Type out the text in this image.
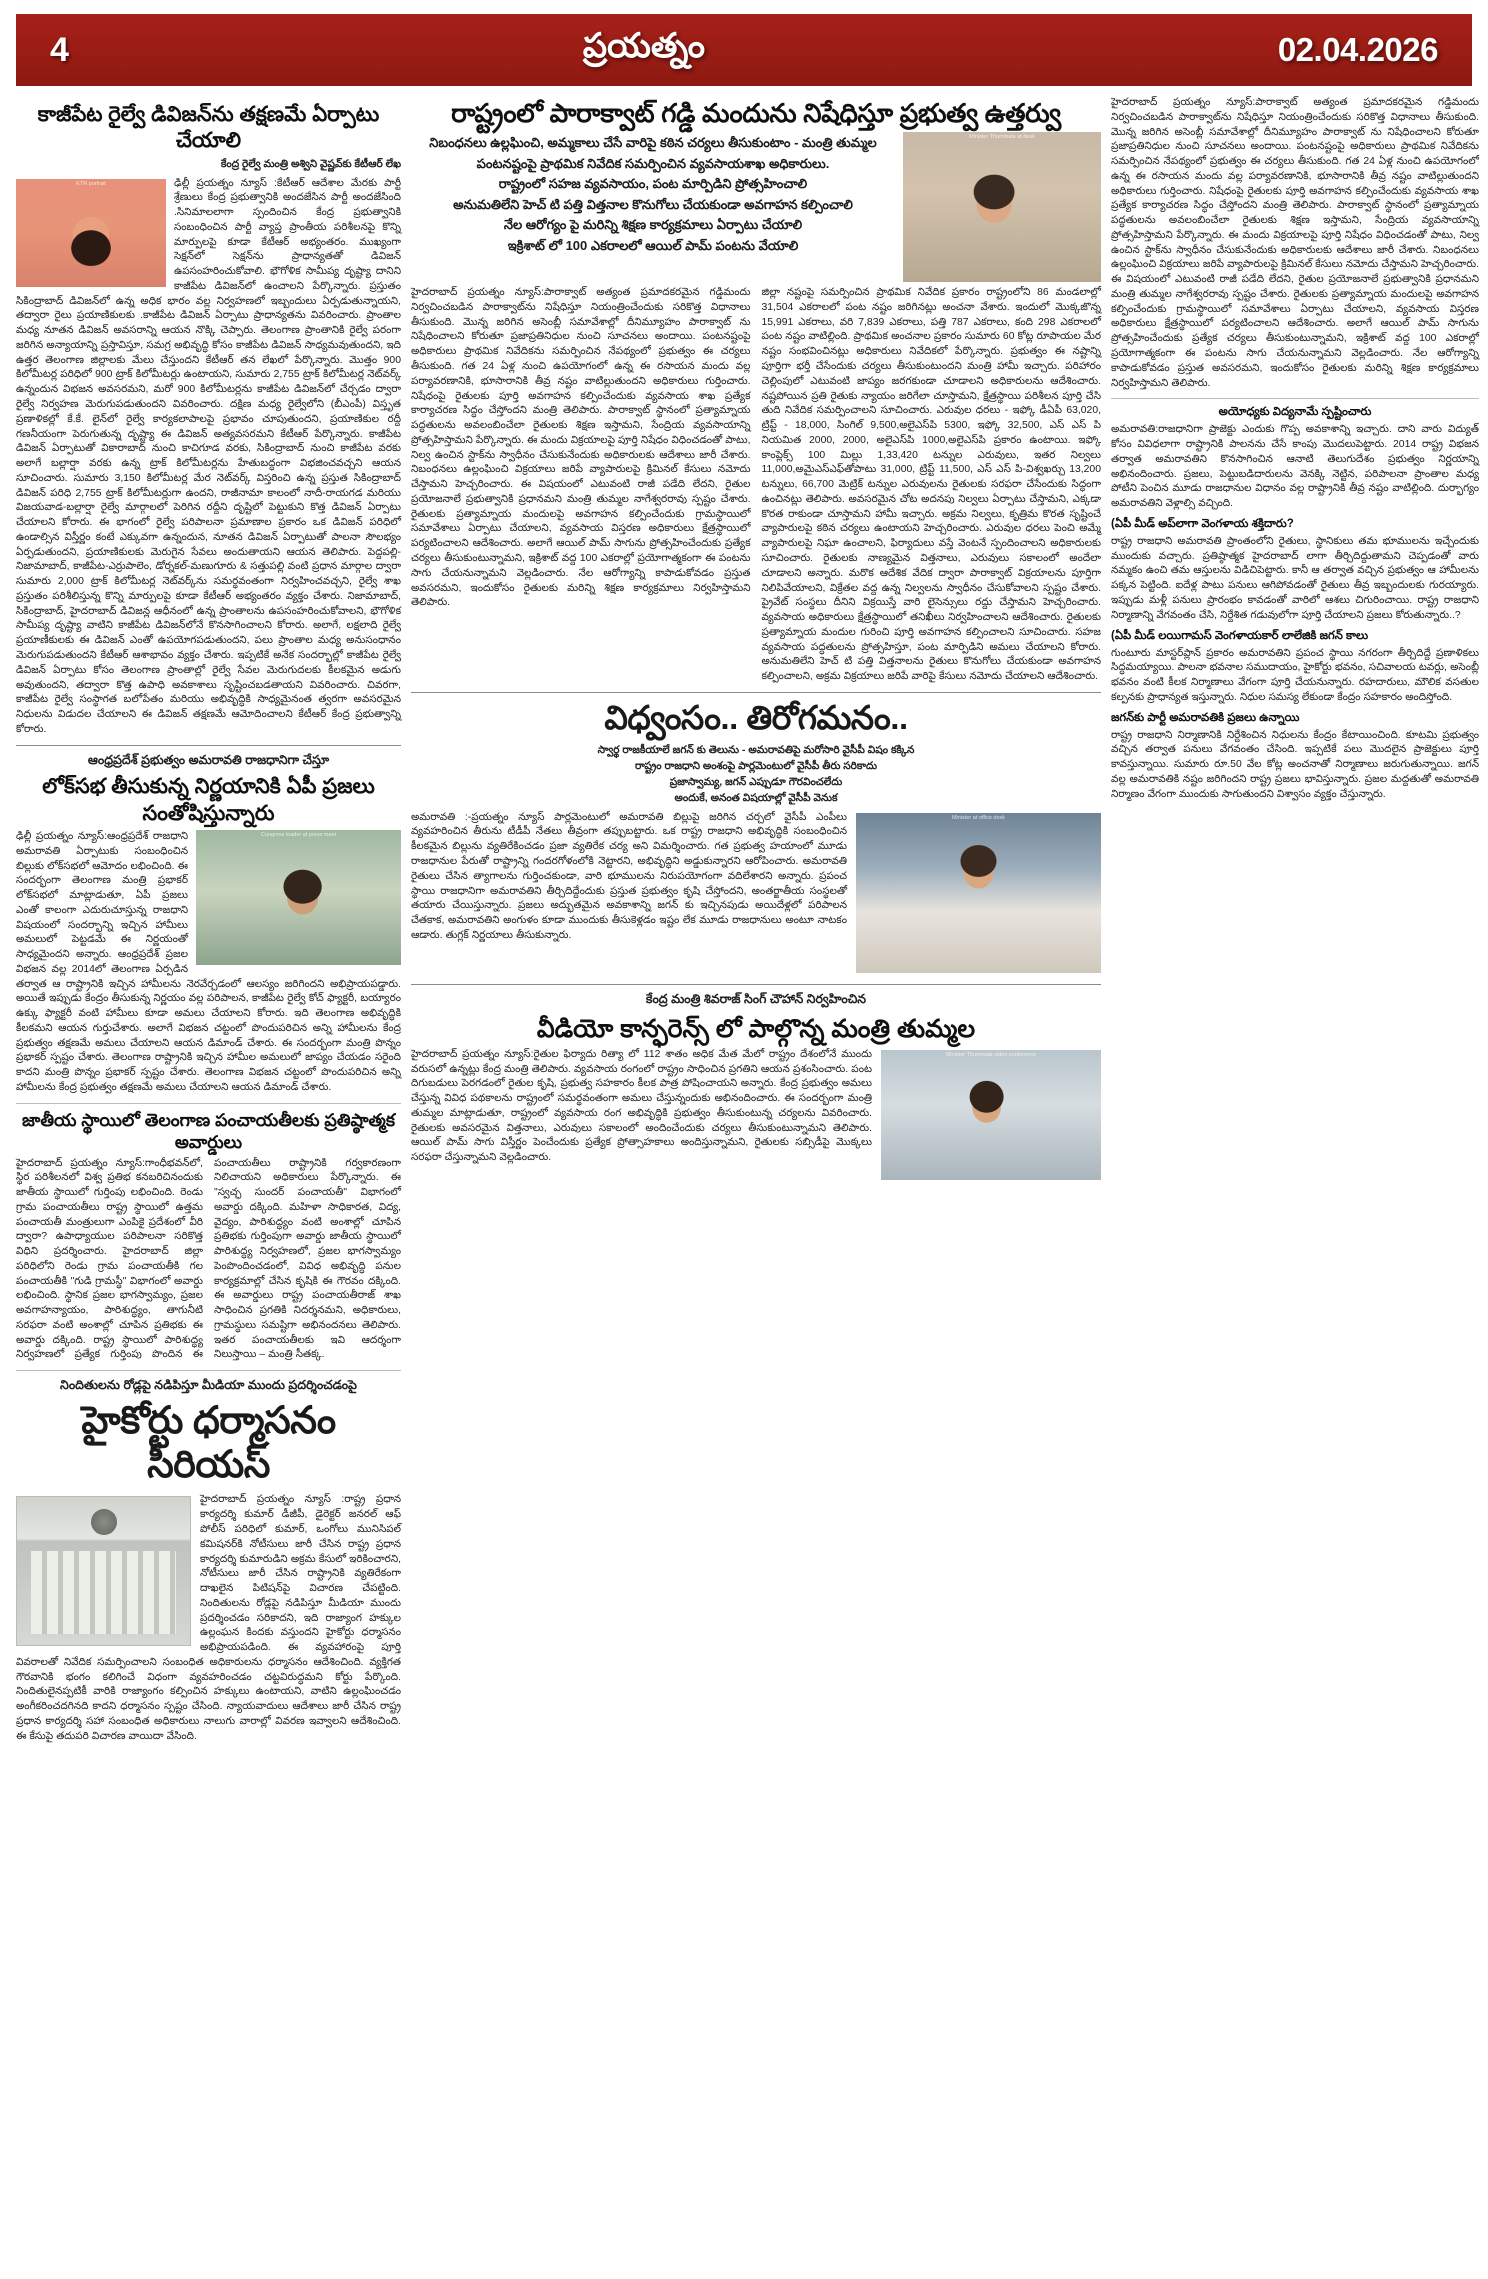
4	ప్రయత్నం	02.04.2026
కాజీపేట రైల్వే డివిజన్‌ను తక్షణమే ఏర్పాటు చేయాలి
కేంద్ర రైల్వే మంత్రి అశ్విని వైష్ణవ్‌కు కేటీఆర్ లేఖ
KTR portrait	ఢిల్లీ ప్రయత్నం న్యూస్ :కేటీఆర్ ఆదేశాల మేరకు పార్టీ శ్రేణులు కేంద్ర ప్రభుత్వానికి అందజేసిన పార్టీ అందజేసింది .సినిమాలలాగా స్పందించిన కేంద్ర ప్రభుత్వానికి సంబంధించిన పార్టీ వ్యాప్త ప్రాంతీయ పరిశీలనపై కొన్ని మార్పులపై కూడా కేటీఆర్ అభ్యంతరం. ముఖ్యంగా సెక్షన్‌లో సెక్షన్‌ను ప్రాధాన్యతతో డివిజన్ ఉపసంహరించుకోవాలి. భౌగోళిక సామీప్య దృష్ట్యా దానిని కాజీపేట డివిజన్‌లో ఉంచాలని పేర్కొన్నారు. ప్రస్తుతం సికింద్రాబాద్ డివిజన్‌లో ఉన్న అధిక భారం వల్ల నిర్వహణలో ఇబ్బందులు ఏర్పడుతున్నాయని, తద్వారా రైలు ప్రయాణికులకు .కాజీపేట డివిజన్ ఏర్పాటు ప్రాధాన్యతను వివరించారు. ప్రాంతాల మధ్య నూతన డివిజన్ అవసరాన్ని ఆయన నొక్కి చెప్పారు. తెలంగాణ ప్రాంతానికి రైల్వే పరంగా జరిగిన అన్యాయాన్ని ప్రస్తావిస్తూ, సమగ్ర అభివృద్ధి కోసం కాజీపేట డివిజన్ సాధ్యమవుతుందని, ఇది ఉత్తర తెలంగాణ జిల్లాలకు మేలు చేస్తుందని కేటీఆర్ తన లేఖలో పేర్కొన్నారు. మొత్తం 900 కిలోమీటర్ల పరిధిలో 900 ట్రాక్ కిలోమీటర్లు ఉంటాయని, సుమారు 2,755 ట్రాక్ కిలోమీటర్ల నెట్‌వర్క్ ఉన్నందున విభజన అవసరమని, మరో 900 కిలోమీటర్లను కాజీపేట డివిజన్‌లో చేర్చడం ద్వారా రైల్వే నిర్వహణ మెరుగుపడుతుందని వివరించారు. దక్షిణ మధ్య రైల్వేలోని (బీఎంపీ) విస్తృత ప్రణాళికల్లో కే.కే. లైన్‌లో రైల్వే కార్యకలాపాలపై ప్రభావం చూపుతుందని, ప్రయాణికుల రద్దీ గణనీయంగా పెరుగుతున్న దృష్ట్యా ఈ డివిజన్ అత్యవసరమని కేటీఆర్ పేర్కొన్నారు. కాజీపేట డివిజన్ ఏర్పాటుతో వికారాబాద్ నుంచి కాచిగూడ వరకు, సికింద్రాబాద్ నుంచి కాజీపేట వరకు అలాగే బల్లార్షా వరకు ఉన్న ట్రాక్ కిలోమీటర్లను హేతుబద్ధంగా విభజించవచ్చని ఆయన సూచించారు. సుమారు 3,150 కిలోమీటర్ల మేర నెట్‌వర్క్ విస్తరించి ఉన్న ప్రస్తుత సికింద్రాబాద్ డివిజన్ పరిధి 2,755 ట్రాక్ కిలోమీటర్లుగా ఉందని, రాజీనామా కాలంలో నాదీ-రాయగడ మరియు విజయవాడ-బల్లార్షా రైల్వే మార్గాలలో పెరిగిన రద్దీని దృష్టిలో పెట్టుకుని కొత్త డివిజన్ ఏర్పాటు చేయాలని కోరారు. ఈ భాగంలో రైల్వే పరిపాలనా ప్రమాణాల ప్రకారం ఒక డివిజన్ పరిధిలో ఉండాల్సిన విస్తీర్ణం కంటే ఎక్కువగా ఉన్నందున, నూతన డివిజన్ ఏర్పాటుతో పాలనా సౌలభ్యం ఏర్పడుతుందని, ప్రయాణికులకు మెరుగైన సేవలు అందుతాయని ఆయన తెలిపారు. పెద్దపల్లి-నిజామాబాద్, కాజీపేట-ఎర్రుపాలెం, డోర్నకల్-మణుగూరు & సత్తుపల్లి వంటి ప్రధాన మార్గాల ద్వారా సుమారు 2,000 ట్రాక్ కిలోమీటర్ల నెట్‌వర్క్‌ను సమర్థవంతంగా నిర్వహించవచ్చని, రైల్వే శాఖ ప్రస్తుతం పరిశీలిస్తున్న కొన్ని మార్పులపై కూడా కేటీఆర్ అభ్యంతరం వ్యక్తం చేశారు. నిజామాబాద్, సికింద్రాబాద్, హైదరాబాద్ డివిజన్ల ఆధీనంలో ఉన్న ప్రాంతాలను ఉపసంహరించుకోవాలని, భౌగోళిక సామీప్య దృష్ట్యా వాటిని కాజీపేట డివిజన్‌లోనే కొనసాగించాలని కోరారు. అలాగే, లక్షలాది రైల్వే ప్రయాణీకులకు ఈ డివిజన్ ఎంతో ఉపయోగపడుతుందని, పలు ప్రాంతాల మధ్య అనుసంధానం మెరుగుపడుతుందని కేటీఆర్ ఆశాభావం వ్యక్తం చేశారు. ఇప్పటికే అనేక సందర్భాల్లో కాజీపేట రైల్వే డివిజన్ ఏర్పాటు కోసం తెలంగాణ ప్రాంతాల్లో రైల్వే సేవల మెరుగుదలకు కీలకమైన అడుగు అవుతుందని, తద్వారా కొత్త ఉపాధి అవకాశాలు సృష్టించబడతాయని వివరించారు. చివరగా, కాజీపేట రైల్వే సంస్థాగత బలోపేతం మరియు అభివృద్ధికి సాధ్యమైనంత త్వరగా అవసరమైన నిధులను విడుదల చేయాలని ఈ డివిజన్ తక్షణమే ఆమోదించాలని కేటీఆర్ కేంద్ర ప్రభుత్వాన్ని కోరారు.
ఆంధ్రప్రదేశ్ ప్రభుత్వం అమరావతి రాజధానిగా చేస్తూ
లోక్‌సభ తీసుకున్న నిర్ణయానికి ఏపీ ప్రజలు సంతోషిస్తున్నారు
Congress leader at press meet
ఢిల్లీ ప్రయత్నం న్యూస్‌:ఆంధ్రప్రదేశ్ రాజధాని అమరావతి ఏర్పాటుకు సంబంధించిన బిల్లుకు లోక్‌సభలో ఆమోదం లభించింది. ఈ సందర్భంగా తెలంగాణ మంత్రి ప్రభాకర్ లోక్‌సభలో మాట్లాడుతూ, ఏపీ ప్రజలు ఎంతో కాలంగా ఎదురుచూస్తున్న రాజధాని విషయంలో సందర్భాన్ని ఇచ్చిన హామీలు అమలులో పెట్టడమే ఈ నిర్ణయంతో సాధ్యమైందని అన్నారు. ఆంధ్రప్రదేశ్ ప్రజల విభజన వల్ల 2014లో తెలంగాణ ఏర్పడిన తర్వాత ఆ రాష్ట్రానికి ఇచ్చిన హామీలను నెరవేర్చడంలో ఆలస్యం జరిగిందని అభిప్రాయపడ్డారు. అయితే ఇప్పుడు కేంద్రం తీసుకున్న నిర్ణయం వల్ల పరిపాలన, కాజీపేట రైల్వే కోచ్ ఫ్యాక్టరీ, బయ్యారం ఉక్కు ఫ్యాక్టరీ వంటి హామీలు కూడా అమలు చేయాలని కోరారు. ఇది తెలంగాణ అభివృద్ధికి కీలకమని ఆయన గుర్తుచేశారు. అలాగే విభజన చట్టంలో పొందుపరిచిన అన్ని హామీలను కేంద్ర ప్రభుత్వం తక్షణమే అమలు చేయాలని ఆయన డిమాండ్ చేశారు. ఈ సందర్భంగా మంత్రి పొన్నం ప్రభాకర్ స్పష్టం చేశారు. తెలంగాణ రాష్ట్రానికి ఇచ్చిన హామీల అమలులో జాప్యం చేయడం సరైంది కాదని మంత్రి పొన్నం ప్రభాకర్ స్పష్టం చేశారు. తెలంగాణ విభజన చట్టంలో పొందుపరిచిన అన్ని హామీలను కేంద్ర ప్రభుత్వం తక్షణమే అమలు చేయాలని ఆయన డిమాండ్ చేశారు.
జాతీయ స్థాయిలో తెలంగాణ పంచాయతీలకు ప్రతిష్ఠాత్మక అవార్డులు
హైదరాబాద్ ప్రయత్నం న్యూస్:గాంధీభవన్‌లో, స్థిర పరిశీలనలో విశ్వ ప్రతిభ కనబరిచినందుకు జాతీయ స్థాయిలో గుర్తింపు లభించింది. రెండు గ్రామ పంచాయతీలు రాష్ట్ర స్థాయిలో ఉత్తమ పంచాయతీ మంత్రులుగా ఎంపికై ప్రదేశంలో వీరి ద్వారా? ఉపాధ్యాయుల పరిపాలనా సరికొత్త విధిని ప్రదర్శించారు. హైదరాబాద్ జిల్లా పరిధిలోని రెండు గ్రామ పంచాయతీకి గల పంచాయతీకి "గుడి గ్రామస్థీ" విభాగంలో అవార్డు లభించింది. స్థానిక ప్రజల భాగస్వామ్యం, ప్రజల అవగాహన్యాయం, పారిశుద్ధ్యం, తాగునీటి సరఫరా వంటి అంశాల్లో చూపిన ప్రతిభకు ఈ అవార్డు దక్కింది. రాష్ట్ర స్థాయిలో పారిశుద్ధ్య నిర్వహణలో ప్రత్యేక గుర్తింపు పొందిన ఈ పంచాయతీలు రాష్ట్రానికి గర్వకారణంగా నిలిచాయని అధికారులు పేర్కొన్నారు. ఈ "స్వచ్ఛ సుందర్ పంచాయతీ" విభాగంలో అవార్డు దక్కింది. మహిళా సాధికారత, విద్య, వైద్యం, పారిశుద్ధ్యం వంటి అంశాల్లో చూపిన ప్రతిభకు గుర్తింపుగా అవార్డు జాతీయ స్థాయిలో పారిశుద్ధ్య నిర్వహణలో, ప్రజల భాగస్వామ్యం పెంపొందించడంలో, వివిధ అభివృద్ధి పనుల కార్యక్రమాల్లో చేసిన కృషికి ఈ గౌరవం దక్కింది. ఈ అవార్డులు రాష్ట్ర పంచాయతీరాజ్ శాఖ సాధించిన ప్రగతికి నిదర్శనమని, అధికారులు, గ్రామస్థులు సమష్టిగా అభినందనలు తెలిపారు. ఇతర పంచాయతీలకు ఇవి ఆదర్శంగా నిలుస్తాయి – మంత్రి సీతక్క.
నిందితులను రోడ్లపై నడిపిస్తూ మీడియా ముందు ప్రదర్శించడంపై
హైకోర్టు ధర్మాసనం సీరియస్
హైదరాబాద్ ప్రయత్నం న్యూస్ :రాష్ట్ర ప్రధాన కార్యదర్శి కుమార్ డీజీపీ, డైరెక్టర్ జనరల్ ఆఫ్ పోలీస్ పరిధిలో కుమార్, ఒంగోలు మునిసిపల్ కమిషనర్‌కి నోటీసులు జారీ చేసిన రాష్ట్ర ప్రధాన కార్యదర్శి కుమారుడిని అక్రమ కేసులో ఇరికించారని, నోటీసులు జారీ చేసిన రాష్ట్రానికి వ్యతిరేకంగా దాఖలైన పిటిషన్‌పై విచారణ చేపట్టింది. నిందితులను రోడ్లపై నడిపిస్తూ మీడియా ముందు ప్రదర్శించడం సరికాదని, ఇది రాజ్యాంగ హక్కుల ఉల్లంఘన కిందకు వస్తుందని హైకోర్టు ధర్మాసనం అభిప్రాయపడింది. ఈ వ్యవహారంపై పూర్తి వివరాలతో నివేదిక సమర్పించాలని సంబంధిత అధికారులను ధర్మాసనం ఆదేశించింది. వ్యక్తిగత గౌరవానికి భంగం కలిగించే విధంగా వ్యవహరించడం చట్టవిరుద్ధమని కోర్టు పేర్కొంది. నిందితులైనప్పటికీ వారికి రాజ్యాంగం కల్పించిన హక్కులు ఉంటాయని, వాటిని ఉల్లంఘించడం అంగీకరించదగినది కాదని ధర్మాసనం స్పష్టం చేసింది. న్యాయవాదులు ఆదేశాలు జారీ చేసిన రాష్ట్ర ప్రధాన కార్యదర్శి సహా సంబంధిత అధికారులు నాలుగు వారాల్లో వివరణ ఇవ్వాలని ఆదేశించింది. ఈ కేసుపై తదుపరి విచారణ వాయిదా వేసింది.
రాష్ట్రంలో పారాక్వాట్ గడ్డి మందును నిషేధిస్తూ ప్రభుత్వ ఉత్తర్వు
Minister Thummala at desk
నిబంధనలు ఉల్లఘించి, అమ్మకాలు చేసే వారిపై కఠిన చర్యలు తీసుకుంటాం - మంత్రి తుమ్మల
పంటనష్టంపై ప్రాథమిక నివేదిక సమర్పించిన వ్యవసాయశాఖ అధికారులు.
రాష్ట్రంలో సహజ వ్యవసాయం, పంట మార్పిడిని ప్రోత్సహించాలి
అనుమతిలేని హెచ్ టి పత్తి విత్తనాల కొనుగోలు చేయకుండా అవగాహన కల్పించాలి
నేల ఆరోగ్యం పై మరిన్ని శిక్షణ కార్యక్రమాలు ఏర్పాటు చేయాలి
ఇక్రిశాట్ లో 100 ఎకరాలలో ఆయిల్ పామ్ పంటను వేయాలి
హైదరాబాద్ ప్రయత్నం న్యూస్:పారాక్వాట్ అత్యంత ప్రమాదకరమైన గడ్డిమందు నిర్వచించబడిన పారాక్వాట్‌ను నిషేధిస్తూ నియంత్రించేందుకు సరికొత్త విధానాలు తీసుకుంది. మొన్న జరిగిన అసెంబ్లీ సమావేశాల్లో దీనిమ్యూహం పారాక్వాట్ ను నిషేధించాలని కోరుతూ ప్రజాప్రతినిధుల నుంచి సూచనలు అందాయి. పంటనష్టంపై అధికారులు ప్రాథమిక నివేదికను సమర్పించిన నేపథ్యంలో ప్రభుత్వం ఈ చర్యలు తీసుకుంది. గత 24 ఏళ్ల నుంచి ఉపయోగంలో ఉన్న ఈ రసాయన మందు వల్ల పర్యావరణానికి, భూసారానికి తీవ్ర నష్టం వాటిల్లుతుందని అధికారులు గుర్తించారు. నిషేధంపై రైతులకు పూర్తి అవగాహన కల్పించేందుకు వ్యవసాయ శాఖ ప్రత్యేక కార్యాచరణ సిద్ధం చేస్తోందని మంత్రి తెలిపారు. పారాక్వాట్ స్థానంలో ప్రత్యామ్నాయ పద్ధతులను అవలంబించేలా రైతులకు శిక్షణ ఇస్తామని, సేంద్రియ వ్యవసాయాన్ని ప్రోత్సహిస్తామని పేర్కొన్నారు. ఈ మందు విక్రయాలపై పూర్తి నిషేధం విధించడంతో పాటు, నిల్వ ఉంచిన స్టాక్‌ను స్వాధీనం చేసుకునేందుకు అధికారులకు ఆదేశాలు జారీ చేశారు. నిబంధనలు ఉల్లంఘించి విక్రయాలు జరిపే వ్యాపారులపై క్రిమినల్ కేసులు నమోదు చేస్తామని హెచ్చరించారు. ఈ విషయంలో ఎటువంటి రాజీ పడేది లేదని, రైతుల ప్రయోజనాలే ప్రభుత్వానికి ప్రధానమని మంత్రి తుమ్మల నాగేశ్వరరావు స్పష్టం చేశారు. రైతులకు ప్రత్యామ్నాయ మందులపై అవగాహన కల్పించేందుకు గ్రామస్థాయిలో సమావేశాలు ఏర్పాటు చేయాలని, వ్యవసాయ విస్తరణ అధికారులు క్షేత్రస్థాయిలో పర్యటించాలని ఆదేశించారు. అలాగే ఆయిల్ పామ్ సాగును ప్రోత్సహించేందుకు ప్రత్యేక చర్యలు తీసుకుంటున్నామని, ఇక్రిశాట్ వద్ద 100 ఎకరాల్లో ప్రయోగాత్మకంగా ఈ పంటను సాగు చేయనున్నామని వెల్లడించారు. నేల ఆరోగ్యాన్ని కాపాడుకోవడం ప్రస్తుత అవసరమని, ఇందుకోసం రైతులకు మరిన్ని శిక్షణ కార్యక్రమాలు నిర్వహిస్తామని తెలిపారు.
జిల్లా నష్టంపై సమర్పించిన ప్రాథమిక నివేదిక ప్రకారం రాష్ట్రంలోని 86 మండలాల్లో 31,504 ఎకరాలలో పంట నష్టం జరిగినట్లు అంచనా వేశారు. ఇందులో మొక్కజొన్న 15,991 ఎకరాలు, వరి 7,839 ఎకరాలు, పత్తి 787 ఎకరాలు, కంది 298 ఎకరాలలో పంట నష్టం వాటిల్లింది. ప్రాథమిక అంచనాల ప్రకారం సుమారు 60 కోట్ల రూపాయల మేర నష్టం సంభవించినట్లు అధికారులు నివేదికలో పేర్కొన్నారు. ప్రభుత్వం ఈ నష్టాన్ని పూర్తిగా భర్తీ చేసేందుకు చర్యలు తీసుకుంటుందని మంత్రి హామీ ఇచ్చారు. పరిహారం చెల్లింపులో ఎటువంటి జాప్యం జరగకుండా చూడాలని అధికారులను ఆదేశించారు. నష్టపోయిన ప్రతి రైతుకు న్యాయం జరిగేలా చూస్తామని, క్షేత్రస్థాయి పరిశీలన పూర్తి చేసి తుది నివేదిక సమర్పించాలని సూచించారు. ఎరువుల ధరలు - ఇఫ్కో డీఏపీ 63,020, ట్రిప్ట్ - 18,000, సింగిల్ 9,500,అలైఎస్‌పి 5300, ఇఫ్కో 32,500, ఎస్ ఎస్ పి నియమిత 2000, 2000, అలైఎస్‌పి 1000,అలైఎస్‌పి ప్రకారం ఉంటాయి. ఇఫ్కో కాంప్లెక్స్ 100 మిల్లు 1,33,420 టన్నుల ఎరువులు, ఇతర నిల్వలు 11,000,అమైఎస్‌ఎఫ్‌తోపాటు 31,000, ట్రిప్ట్ 11,500, ఎస్ ఎస్ పి-విశ్వఖర్చు 13,200 టన్నులు, 66,700 మెట్రిక్ టన్నుల ఎరువులను రైతులకు సరఫరా చేసేందుకు సిద్ధంగా ఉంచినట్లు తెలిపారు. అవసరమైన చోట అదనపు నిల్వలు ఏర్పాటు చేస్తామని, ఎక్కడా కొరత రాకుండా చూస్తామని హామీ ఇచ్చారు. అక్రమ నిల్వలు, కృత్రిమ కొరత సృష్టించే వ్యాపారులపై కఠిన చర్యలు ఉంటాయని హెచ్చరించారు. ఎరువుల ధరలు పెంచి అమ్మే వ్యాపారులపై నిఘా ఉంచాలని, ఫిర్యాదులు వస్తే వెంటనే స్పందించాలని అధికారులకు సూచించారు. రైతులకు నాణ్యమైన విత్తనాలు, ఎరువులు సకాలంలో అందేలా చూడాలని అన్నారు. మరొక ఆదేశిక వేదిక ద్వారా పారాక్వాట్ విక్రయాలను పూర్తిగా నిలిపివేయాలని, విక్రేతల వద్ద ఉన్న నిల్వలను స్వాధీనం చేసుకోవాలని స్పష్టం చేశారు. ప్రైవేట్ సంస్థలు దీనిని విక్రయిస్తే వారి లైసెన్సులు రద్దు చేస్తామని హెచ్చరించారు. వ్యవసాయ అధికారులు క్షేత్రస్థాయిలో తనిఖీలు నిర్వహించాలని ఆదేశించారు. రైతులకు ప్రత్యామ్నాయ మందుల గురించి పూర్తి అవగాహన కల్పించాలని సూచించారు. సహజ వ్యవసాయ పద్ధతులను ప్రోత్సహిస్తూ, పంట మార్పిడిని అమలు చేయాలని కోరారు. అనుమతిలేని హెచ్ టి పత్తి విత్తనాలను రైతులు కొనుగోలు చేయకుండా అవగాహన కల్పించాలని, అక్రమ విక్రయాలు జరిపే వారిపై కేసులు నమోదు చేయాలని ఆదేశించారు.
విధ్వంసం.. తిరోగమనం..
స్వార్థ రాజకీయాలే జగన్ కు తెలును - అమరావతిపై మరోసారి వైసీపీ విషం కక్కిన
రాష్ట్రం రాజధాని అంశంపై పార్లమెంటులో వైసీపీ తీరు సరికాదు
ప్రజాస్వామ్య, జగన్ ఎప్పుడూ గౌరవించలేదు
అందుకే, అనంత విషయాల్లో వైసీపీ వెనుక
Minister at office desk
అమరావతి :-ప్రయత్నం న్యూస్ పార్లమెంటులో అమరావతి బిల్లుపై జరిగిన చర్చలో వైసీపీ ఎంపీలు వ్యవహరించిన తీరును టీడీపీ నేతలు తీవ్రంగా తప్పుబట్టారు. ఒక రాష్ట్ర రాజధాని అభివృద్ధికి సంబంధించిన కీలకమైన బిల్లును వ్యతిరేకించడం ప్రజా వ్యతిరేక చర్య అని విమర్శించారు. గత ప్రభుత్వ హయాంలో మూడు రాజధానుల పేరుతో రాష్ట్రాన్ని గందరగోళంలోకి నెట్టారని, అభివృద్ధిని అడ్డుకున్నారని ఆరోపించారు. అమరావతి రైతులు చేసిన త్యాగాలను గుర్తించకుండా, వారి భూములను నిరుపయోగంగా వదిలేశారని అన్నారు. ప్రపంచ స్థాయి రాజధానిగా అమరావతిని తీర్చిదిద్దేందుకు ప్రస్తుత ప్రభుత్వం కృషి చేస్తోందని, అంతర్జాతీయ సంస్థలతో తయారు చేయిస్తున్నారు. ప్రజలు అద్భుతమైన అవకాశాన్ని జగన్ కు ఇచ్చినపుడు అయిదేళ్లలో పరిపాలన చేతకాక, అమరావతిని అంగుళం కూడా ముందుకు తీసుకెళ్లడం ఇష్టం లేక మూడు రాజధానులు అంటూ నాటకం ఆడారు. తుగ్లక్ నిర్ణయాలు తీసుకున్నారు.
కేంద్ర మంత్రి శివరాజ్ సింగ్ చౌహాన్ నిర్వహించిన
వీడియో కాన్ఫరెన్స్ లో పాల్గొన్న మంత్రి తుమ్మల
Minister Thummala video conference
హైదరాబాద్ ప్రయత్నం న్యూస్:రైతుల ఫిర్యాదు రిత్యా లో 112 శాతం అధిక మేత మేలో రాష్ట్రం దేశంలోనే ముందు వరుసలో ఉన్నట్లు కేంద్ర మంత్రి తెలిపారు. వ్యవసాయ రంగంలో రాష్ట్రం సాధించిన ప్రగతిని ఆయన ప్రశంసించారు. పంట దిగుబడులు పెరగడంలో రైతుల కృషి, ప్రభుత్వ సహకారం కీలక పాత్ర పోషించాయని అన్నారు. కేంద్ర ప్రభుత్వం అమలు చేస్తున్న వివిధ పథకాలను రాష్ట్రంలో సమర్థవంతంగా అమలు చేస్తున్నందుకు అభినందించారు. ఈ సందర్భంగా మంత్రి తుమ్మల మాట్లాడుతూ, రాష్ట్రంలో వ్యవసాయ రంగ అభివృద్ధికి ప్రభుత్వం తీసుకుంటున్న చర్యలను వివరించారు. రైతులకు అవసరమైన విత్తనాలు, ఎరువులు సకాలంలో అందించేందుకు చర్యలు తీసుకుంటున్నామని తెలిపారు. ఆయిల్ పామ్ సాగు విస్తీర్ణం పెంచేందుకు ప్రత్యేక ప్రోత్సాహకాలు అందిస్తున్నామని, రైతులకు సబ్సిడీపై మొక్కలు సరఫరా చేస్తున్నామని వెల్లడించారు.
హైదరాబాద్ ప్రయత్నం న్యూస్:పారాక్వాట్ అత్యంత ప్రమాదకరమైన గడ్డిమందు నిర్వచించబడిన పారాక్వాట్‌ను నిషేధిస్తూ నియంత్రించేందుకు సరికొత్త విధానాలు తీసుకుంది. మొన్న జరిగిన అసెంబ్లీ సమావేశాల్లో దీనిమ్యూహం పారాక్వాట్ ను నిషేధించాలని కోరుతూ ప్రజాప్రతినిధుల నుంచి సూచనలు అందాయి. పంటనష్టంపై అధికారులు ప్రాథమిక నివేదికను సమర్పించిన నేపథ్యంలో ప్రభుత్వం ఈ చర్యలు తీసుకుంది. గత 24 ఏళ్ల నుంచి ఉపయోగంలో ఉన్న ఈ రసాయన మందు వల్ల పర్యావరణానికి, భూసారానికి తీవ్ర నష్టం వాటిల్లుతుందని అధికారులు గుర్తించారు. నిషేధంపై రైతులకు పూర్తి అవగాహన కల్పించేందుకు వ్యవసాయ శాఖ ప్రత్యేక కార్యాచరణ సిద్ధం చేస్తోందని మంత్రి తెలిపారు. పారాక్వాట్ స్థానంలో ప్రత్యామ్నాయ పద్ధతులను అవలంబించేలా రైతులకు శిక్షణ ఇస్తామని, సేంద్రియ వ్యవసాయాన్ని ప్రోత్సహిస్తామని పేర్కొన్నారు. ఈ మందు విక్రయాలపై పూర్తి నిషేధం విధించడంతో పాటు, నిల్వ ఉంచిన స్టాక్‌ను స్వాధీనం చేసుకునేందుకు అధికారులకు ఆదేశాలు జారీ చేశారు. నిబంధనలు ఉల్లంఘించి విక్రయాలు జరిపే వ్యాపారులపై క్రిమినల్ కేసులు నమోదు చేస్తామని హెచ్చరించారు. ఈ విషయంలో ఎటువంటి రాజీ పడేది లేదని, రైతుల ప్రయోజనాలే ప్రభుత్వానికి ప్రధానమని మంత్రి తుమ్మల నాగేశ్వరరావు స్పష్టం చేశారు. రైతులకు ప్రత్యామ్నాయ మందులపై అవగాహన కల్పించేందుకు గ్రామస్థాయిలో సమావేశాలు ఏర్పాటు చేయాలని, వ్యవసాయ విస్తరణ అధికారులు క్షేత్రస్థాయిలో పర్యటించాలని ఆదేశించారు. అలాగే ఆయిల్ పామ్ సాగును ప్రోత్సహించేందుకు ప్రత్యేక చర్యలు తీసుకుంటున్నామని, ఇక్రిశాట్ వద్ద 100 ఎకరాల్లో ప్రయోగాత్మకంగా ఈ పంటను సాగు చేయనున్నామని వెల్లడించారు. నేల ఆరోగ్యాన్ని కాపాడుకోవడం ప్రస్తుత అవసరమని, ఇందుకోసం రైతులకు మరిన్ని శిక్షణ కార్యక్రమాలు నిర్వహిస్తామని తెలిపారు.
అయోధ్యకు విద్యనామే స్పష్టించారు
అమరావతి:రాజధానిగా ప్రాజెక్టు ఎందుకు గొప్ప అవకాశాన్ని ఇచ్చారు. దాని వారు విద్యుత్ కోసం వివిధలాగా రాష్ట్రానికి పాలనను చేసే కాంపు మొదలుపెట్టారు. 2014 రాష్ట్ర విభజన తర్వాత అమరావతిని కొనసాగించిన ఆనాటి తెలుగుదేశం ప్రభుత్వం నిర్ణయాన్ని అభినందించారు. ప్రజలు, పెట్టుబడిదారులను వెనక్కి నెట్టిన, పరిపాలనా ప్రాంతాల మధ్య పోటీని పెంచిన మూడు రాజధానుల విధానం వల్ల రాష్ట్రానికి తీవ్ర నష్టం వాటిల్లింది. దుర్భాగ్యం అమరావతిని వెళ్లాల్సి వచ్చింది.
(ఏపీ మీడ్ అప్‌లాగా వెంగళాయ శక్తిదారు?
రాష్ట్ర రాజధాని అమరావతి ప్రాంతంలోని రైతులు, స్థానికులు తమ భూములను ఇచ్చేందుకు ముందుకు వచ్చారు. ప్రతిష్ఠాత్మక హైదరాబాద్ లాగా తీర్చిదిద్దుతామని చెప్పడంతో వారు నమ్మకం ఉంచి తమ ఆస్తులను విడిచిపెట్టారు. కానీ ఆ తర్వాత వచ్చిన ప్రభుత్వం ఆ హామీలను పక్కన పెట్టింది. ఐదేళ్ల పాటు పనులు ఆగిపోవడంతో రైతులు తీవ్ర ఇబ్బందులకు గురయ్యారు. ఇప్పుడు మళ్లీ పనులు ప్రారంభం కావడంతో వారిలో ఆశలు చిగురించాయి. రాష్ట్ర రాజధాని నిర్మాణాన్ని వేగవంతం చేసి, నిర్దేశిత గడువులోగా పూర్తి చేయాలని ప్రజలు కోరుతున్నారు..?
(ఏపీ మీడ్ లయిగామస్ వెంగళాయకార్ లాలేజికి జగన్ కాలు
గుంటూరు మాస్టర్‌ప్లాన్ ప్రకారం అమరావతిని ప్రపంచ స్థాయి నగరంగా తీర్చిదిద్దే ప్రణాళికలు సిద్ధమయ్యాయి. పాలనా భవనాల సముదాయం, హైకోర్టు భవనం, సచివాలయ టవర్లు, అసెంబ్లీ భవనం వంటి కీలక నిర్మాణాలు వేగంగా పూర్తి చేయనున్నారు. రహదారులు, మౌలిక వసతుల కల్పనకు ప్రాధాన్యత ఇస్తున్నారు. నిధుల సమస్య లేకుండా కేంద్రం సహకారం అందిస్తోంది.
జగన్‌కు పార్టీ అమరావతికి ప్రజలు ఉన్నాయి
రాష్ట్ర రాజధాని నిర్మాణానికి నిర్దేశించిన నిధులను కేంద్రం కేటాయించింది. కూటమి ప్రభుత్వం వచ్చిన తర్వాత పనులు వేగవంతం చేసింది. ఇప్పటికే పలు మొదలైన ప్రాజెక్టులు పూర్తి కావస్తున్నాయి. సుమారు రూ.50 వేల కోట్ల అంచనాతో నిర్మాణాలు జరుగుతున్నాయి. జగన్ వల్ల అమరావతికి నష్టం జరిగిందని రాష్ట్ర ప్రజలు భావిస్తున్నారు. ప్రజల మద్దతుతో అమరావతి నిర్మాణం వేగంగా ముందుకు సాగుతుందని విశ్వాసం వ్యక్తం చేస్తున్నారు.
